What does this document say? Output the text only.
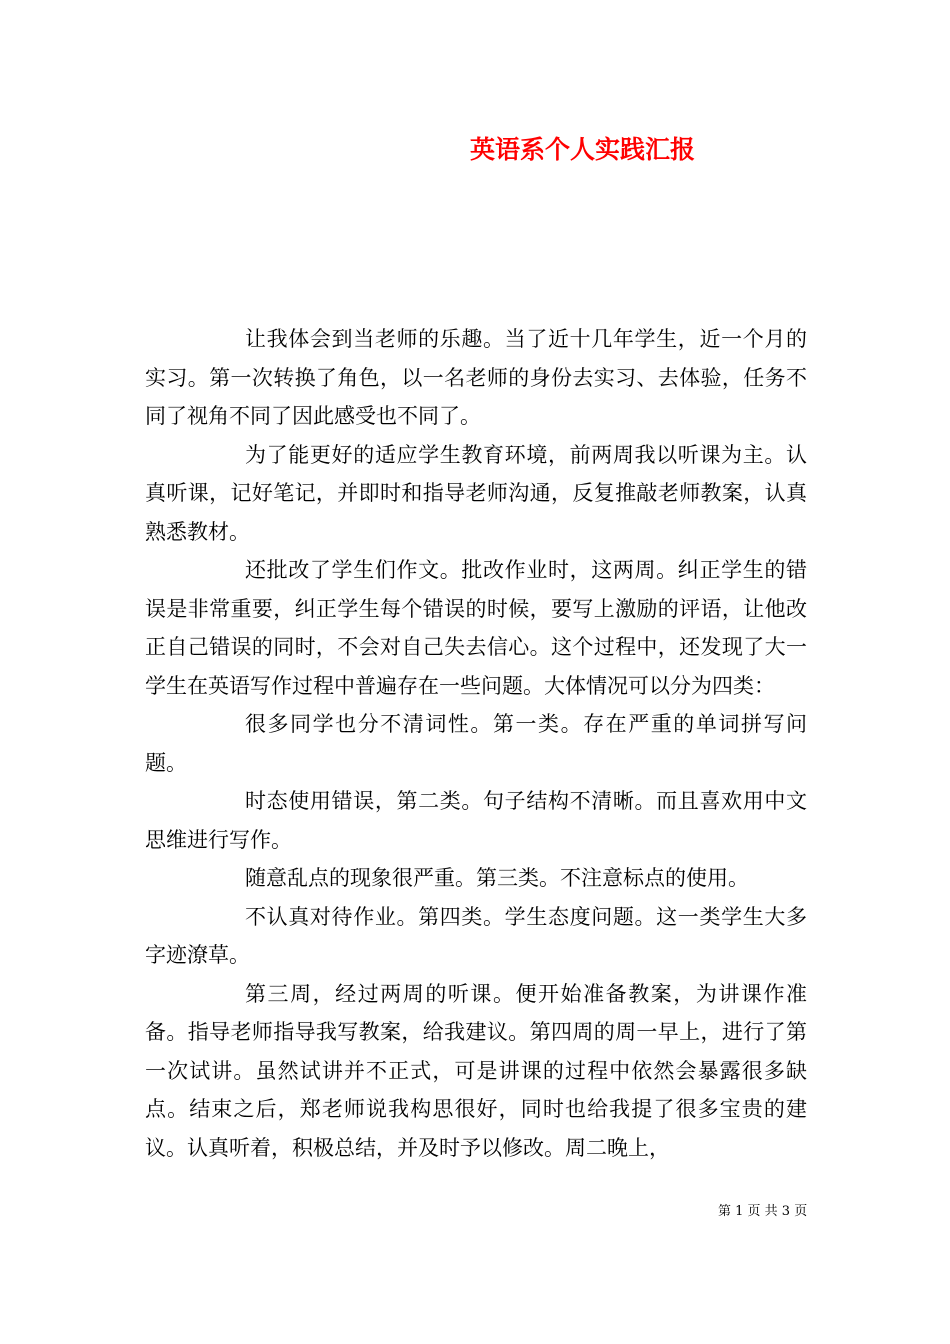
英语系个人实践汇报

让我体会到当老师的乐趣。当了近十几年学生，近一个月的实习。第一次转换了角色，以一名老师的身份去实习、去体验，任务不同了视角不同了因此感受也不同了。

为了能更好的适应学生教育环境，前两周我以听课为主。认真听课，记好笔记，并即时和指导老师沟通，反复推敲老师教案，认真熟悉教材。

还批改了学生们作文。批改作业时，这两周。纠正学生的错误是非常重要，纠正学生每个错误的时候，要写上激励的评语，让他改正自己错误的同时，不会对自己失去信心。这个过程中，还发现了大一学生在英语写作过程中普遍存在一些问题。大体情况可以分为四类：

很多同学也分不清词性。第一类。存在严重的单词拼写问题。

时态使用错误，第二类。句子结构不清晰。而且喜欢用中文思维进行写作。

随意乱点的现象很严重。第三类。不注意标点的使用。

不认真对待作业。第四类。学生态度问题。这一类学生大多字迹潦草。

第三周，经过两周的听课。便开始准备教案，为讲课作准备。指导老师指导我写教案，给我建议。第四周的周一早上，进行了第一次试讲。虽然试讲并不正式，可是讲课的过程中依然会暴露很多缺点。结束之后，郑老师说我构思很好，同时也给我提了很多宝贵的建议。认真听着，积极总结，并及时予以修改。周二晚上，

第 1 页 共 3 页
